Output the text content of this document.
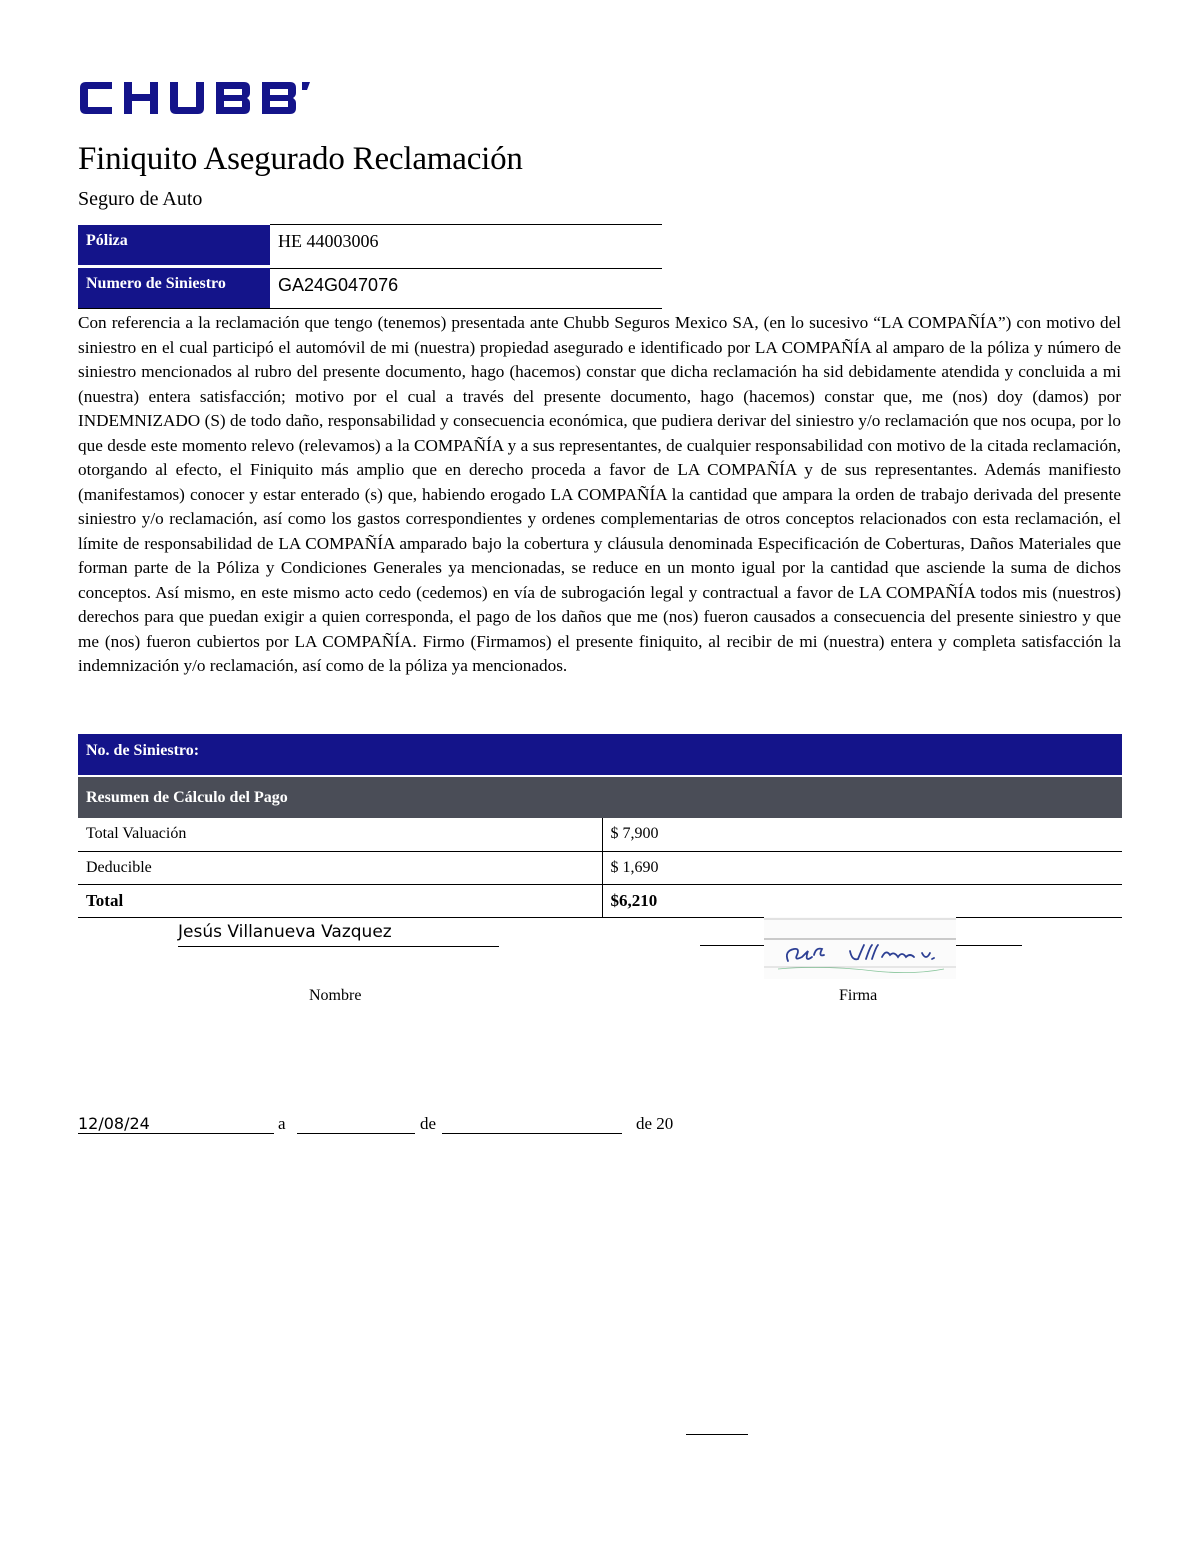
Finiquito Asegurado Reclamación
Seguro de Auto
Póliza	HE 44003006

Numero de Siniestro	GA24G047076

Con referencia a la reclamación que tengo (tenemos) presentada ante Chubb Seguros Mexico SA, (en lo sucesivo “LA COMPAÑÍA”) con motivo del siniestro en el cual participó el automóvil de mi (nuestra) propiedad asegurado e identificado por LA COMPAÑÍA al amparo de la póliza y número de siniestro mencionados al rubro del presente documento, hago (hacemos) constar que dicha reclamación ha sid debidamente atendida y concluida a mi (nuestra) entera satisfacción; motivo por el cual a través del presente documento, hago (hacemos) constar que, me (nos) doy (damos) por INDEMNIZADO (S) de todo daño, responsabilidad y consecuencia económica, que pudiera derivar del siniestro y/o reclamación que nos ocupa, por lo que desde este momento relevo (relevamos) a la COMPAÑÍA y a sus representantes, de cualquier responsabilidad con motivo de la citada reclamación, otorgando al efecto, el Finiquito más amplio que en derecho proceda a favor de LA COMPAÑÍA y de sus representantes. Además manifiesto (manifestamos) conocer y estar enterado (s) que, habiendo erogado LA COMPAÑÍA la cantidad que ampara la orden de trabajo derivada del presente siniestro y/o reclamación, así como los gastos correspondientes y ordenes complementarias de otros conceptos relacionados con esta reclamación, el límite de responsabilidad de LA COMPAÑÍA amparado bajo la cobertura y cláusula denominada Especificación de Coberturas, Daños Materiales que forman parte de la Póliza y Condiciones Generales ya mencionadas, se reduce en un monto igual por la cantidad que asciende la suma de dichos conceptos. Así mismo, en este mismo acto cedo (cedemos) en vía de subrogación legal y contractual a favor de LA COMPAÑÍA todos mis (nuestros) derechos para que puedan exigir a quien corresponda, el pago de los daños que me (nos) fueron causados a consecuencia del presente siniestro y que me (nos) fueron cubiertos por LA COMPAÑÍA. Firmo (Firmamos) el presente finiquito, al recibir de mi (nuestra) entera y completa satisfacción la indemnización y/o reclamación, así como de la póliza ya mencionados.

No. de Siniestro:	
Resumen de Cálculo del Pago	
Total Valuación	$ 7,900
Deducible	$ 1,690
Total	$6,210
Jesús Villanueva Vazquez
Nombre	Firma
12/08/24	a	de	de 20
